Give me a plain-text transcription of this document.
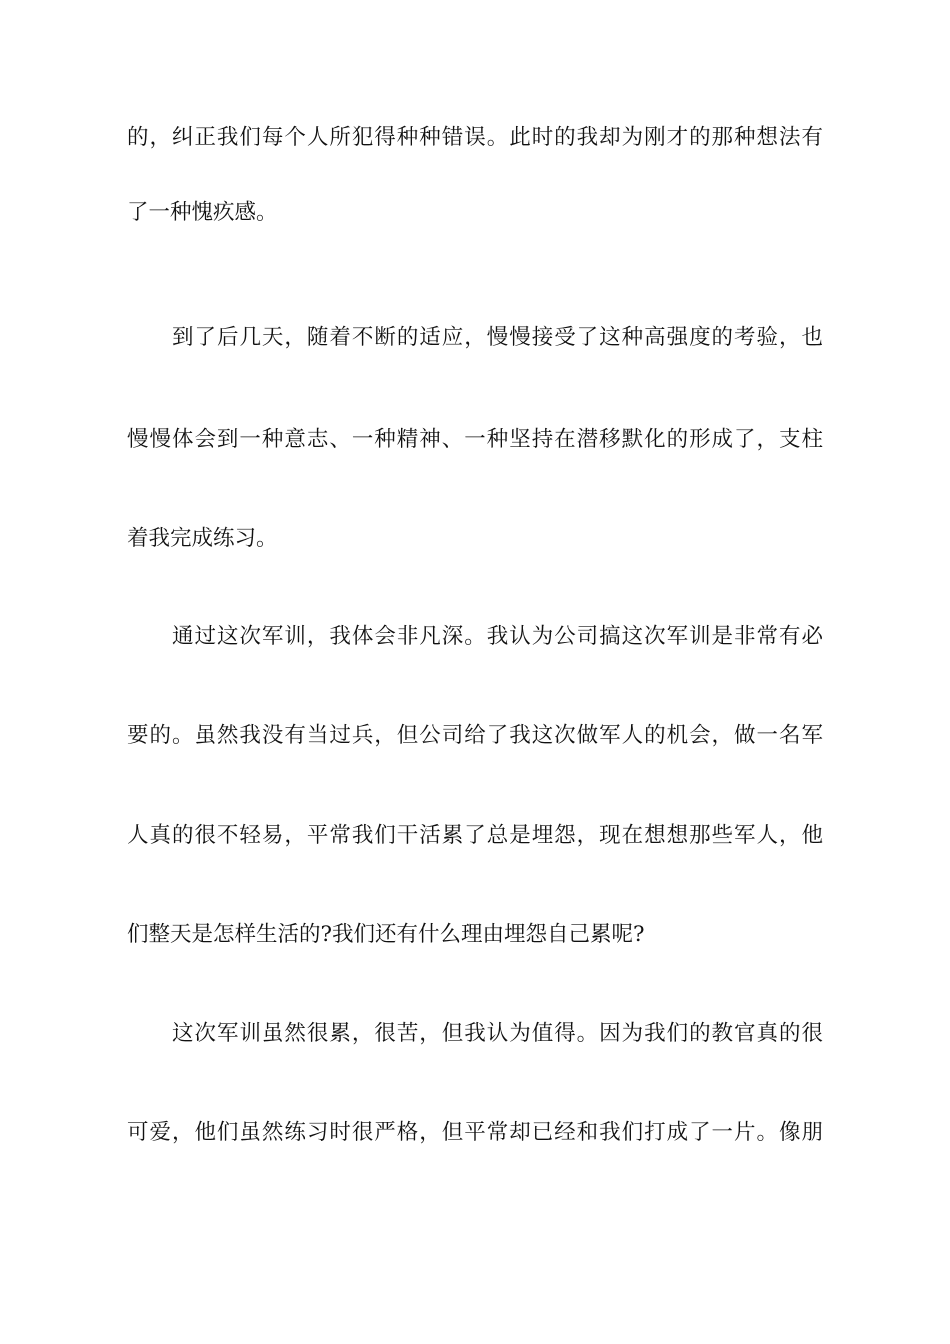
的，纠正我们每个人所犯得种种错误。此时的我却为刚才的那种想法有
了一种愧疚感。
到了后几天，随着不断的适应，慢慢接受了这种高强度的考验，也
慢慢体会到一种意志、一种精神、一种坚持在潜移默化的形成了，支柱
着我完成练习。
通过这次军训，我体会非凡深。我认为公司搞这次军训是非常有必
要的。虽然我没有当过兵，但公司给了我这次做军人的机会，做一名军
人真的很不轻易，平常我们干活累了总是埋怨，现在想想那些军人，他
们整天是怎样生活的?我们还有什么理由埋怨自己累呢?
这次军训虽然很累，很苦，但我认为值得。因为我们的教官真的很
可爱，他们虽然练习时很严格，但平常却已经和我们打成了一片。像朋
